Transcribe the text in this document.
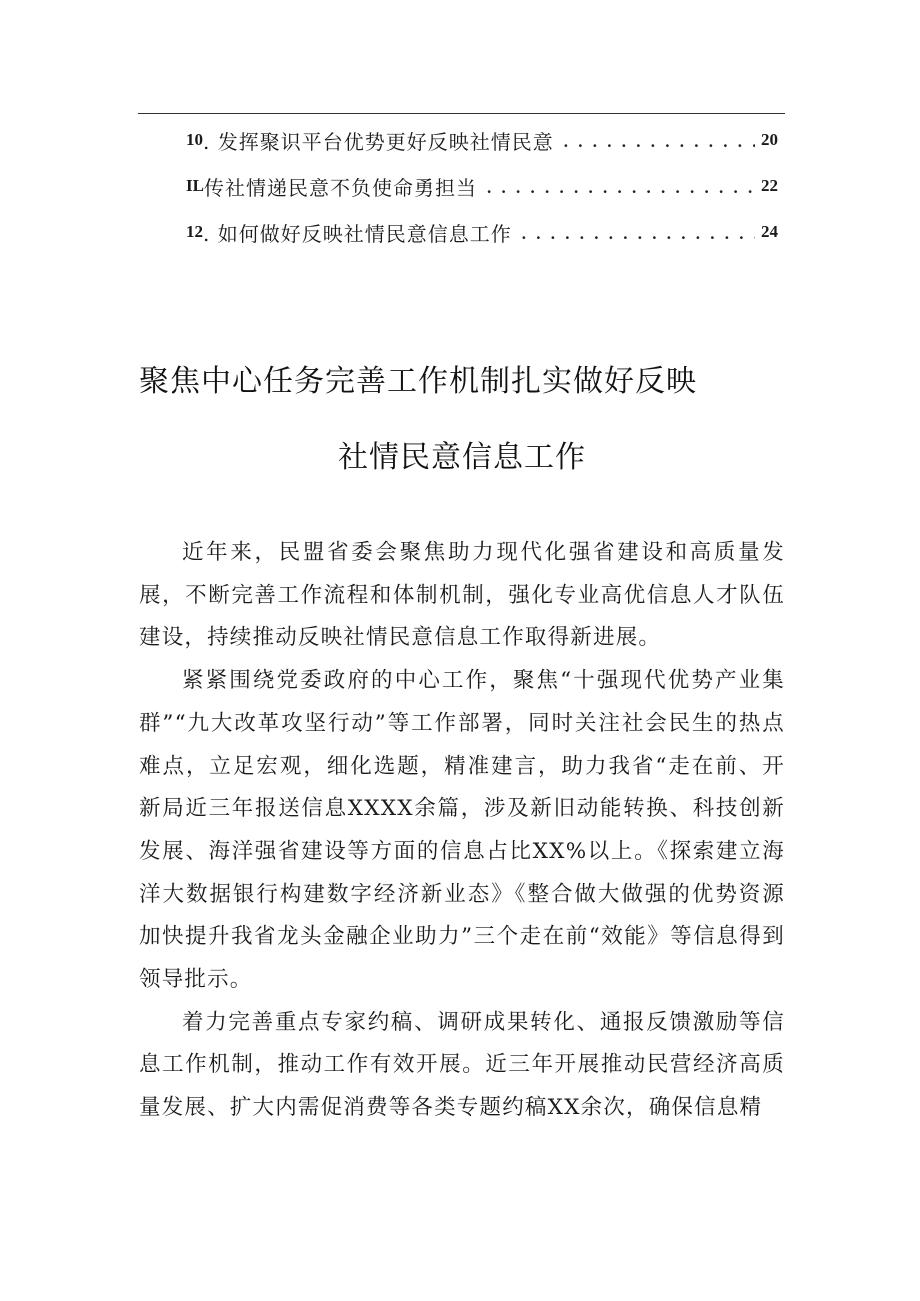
10 . 发挥聚识平台优势更好反映社情民意 . . .	20
IL 传社情递民意不负使命勇担当 . . .	22
12 . 如何做好反映社情民意信息工作 . . .	24
聚焦中心任务完善工作机制扎实做好反映
社情民意信息工作

近年来，民盟省委会聚焦助力现代化强省建设和高质量发展，不断完善工作流程和体制机制，强化专业高优信息人才队伍建设，持续推动反映社情民意信息工作取得新进展。

紧紧围绕党委政府的中心工作，聚焦“十强现代优势产业集群”“九大改革攻坚行动”等工作部署，同时关注社会民生的热点难点，立足宏观，细化选题，精准建言，助力我省“走在前、开新局近三年报送信息XXXX余篇，涉及新旧动能转换、科技创新发展、海洋强省建设等方面的信息占比XX%以上。《探索建立海洋大数据银行构建数字经济新业态》《整合做大做强的优势资源加快提升我省龙头金融企业助力”三个走在前“效能》等信息得到领导批示。

着力完善重点专家约稿、调研成果转化、通报反馈激励等信息工作机制，推动工作有效开展。近三年开展推动民营经济高质量发展、扩大内需促消费等各类专题约稿XX余次，确保信息精
